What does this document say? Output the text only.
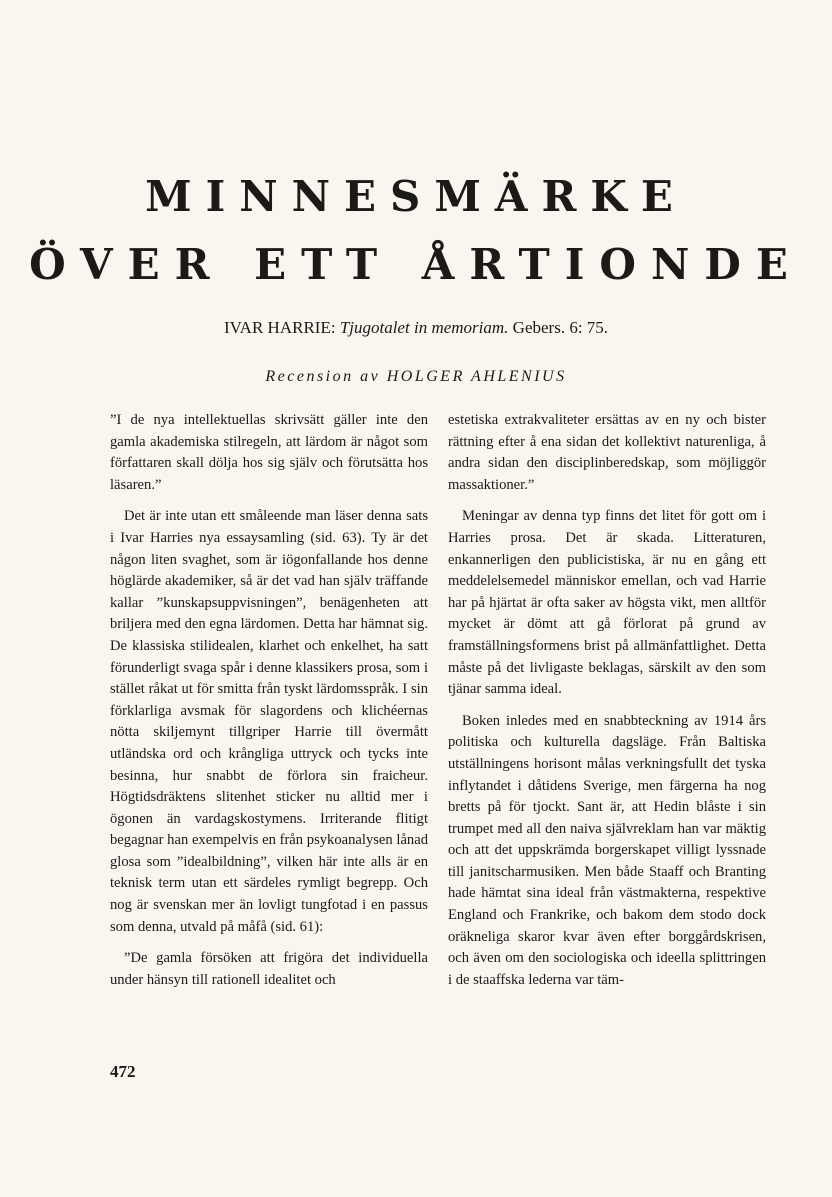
MINNESMÄRKE
ÖVER ETT ÅRTIONDE
IVAR HARRIE: Tjugotalet in memoriam. Gebers. 6: 75.
Recension av HOLGER AHLENIUS

”I de nya intellektuellas skrivsätt gäller inte den gamla akademiska stilregeln, att lärdom är något som författaren skall dölja hos sig själv och förutsätta hos läsaren.”

Det är inte utan ett småleende man läser denna sats i Ivar Harries nya essaysamling (sid. 63). Ty är det någon liten svaghet, som är iögonfallande hos denne höglärde akademiker, så är det vad han själv träffande kallar ”kunskapsuppvisningen”, benägenheten att briljera med den egna lärdomen. Detta har hämnat sig. De klassiska stilidealen, klarhet och enkelhet, ha satt förunderligt svaga spår i denne klassikers prosa, som i stället råkat ut för smitta från tyskt lärdomsspråk. I sin förklarliga avsmak för slagordens och klichéernas nötta skiljemynt tillgriper Harrie till övermått utländska ord och krångliga uttryck och tycks inte besinna, hur snabbt de förlora sin fraicheur. Högtidsdräktens slitenhet sticker nu alltid mer i ögonen än vardagskostymens. Irriterande flitigt begagnar han exempelvis en från psykoanalysen lånad glosa som ”idealbildning”, vilken här inte alls är en teknisk term utan ett särdeles rymligt begrepp. Och nog är svenskan mer än lovligt tungfotad i en passus som denna, utvald på måfå (sid. 61):

”De gamla försöken att frigöra det individuella under hänsyn till rationell idealitet och

estetiska extrakvaliteter ersättas av en ny och bister rättning efter å ena sidan det kollektivt naturenliga, å andra sidan den disciplinberedskap, som möjliggör massaktioner.”

Meningar av denna typ finns det litet för gott om i Harries prosa. Det är skada. Litteraturen, enkannerligen den publicistiska, är nu en gång ett meddelelsemedel människor emellan, och vad Harrie har på hjärtat är ofta saker av högsta vikt, men alltför mycket är dömt att gå förlorat på grund av framställningsformens brist på allmänfattlighet. Detta måste på det livligaste beklagas, särskilt av den som tjänar samma ideal.

Boken inledes med en snabbteckning av 1914 års politiska och kulturella dagsläge. Från Baltiska utställningens horisont målas verkningsfullt det tyska inflytandet i dåtidens Sverige, men färgerna ha nog bretts på för tjockt. Sant är, att Hedin blåste i sin trumpet med all den naiva självreklam han var mäktig och att det uppskrämda borgerskapet villigt lyssnade till janitscharmusiken. Men både Staaff och Branting hade hämtat sina ideal från västmakterna, respektive England och Frankrike, och bakom dem stodo dock oräkneliga skaror kvar även efter borggårdskrisen, och även om den sociologiska och ideella splittringen i de staaffska lederna var täm-

472
